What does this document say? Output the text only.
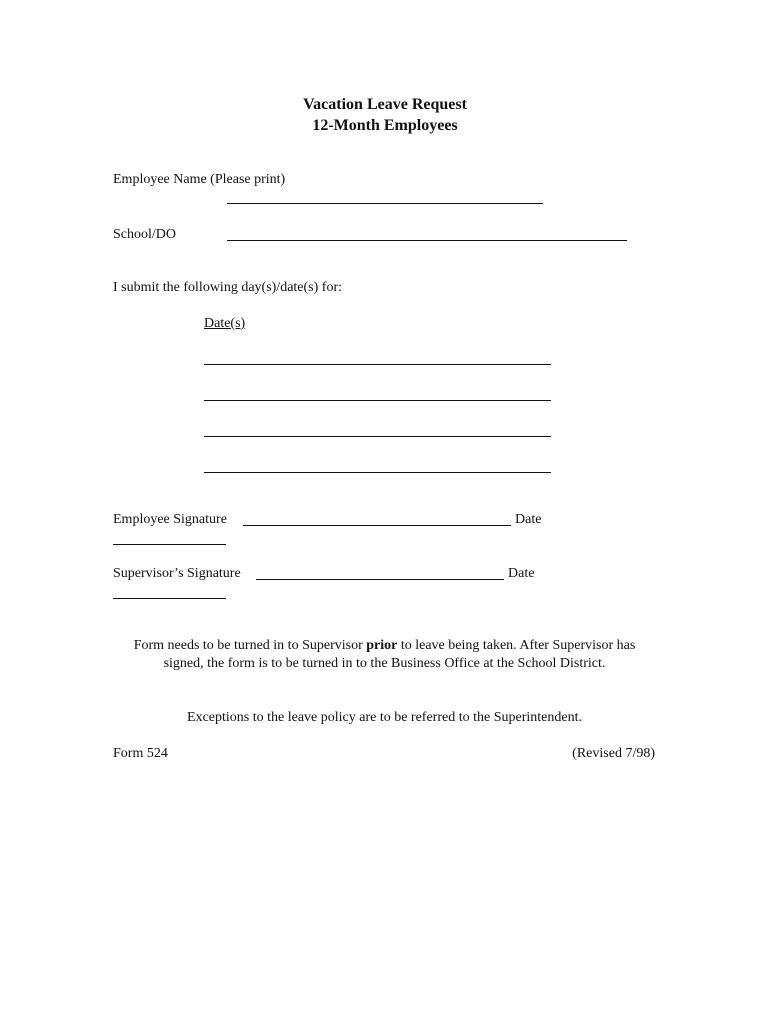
Vacation Leave Request
12-Month Employees
Employee Name (Please print)
School/DO
I submit the following day(s)/date(s) for:
Date(s)
Employee Signature	Date
Supervisor’s Signature	Date
Form needs to be turned in to Supervisor prior to leave being taken. After Supervisor has
signed, the form is to be turned in to the Business Office at the School District.
Exceptions to the leave policy are to be referred to the Superintendent.
Form 524	(Revised 7/98)
